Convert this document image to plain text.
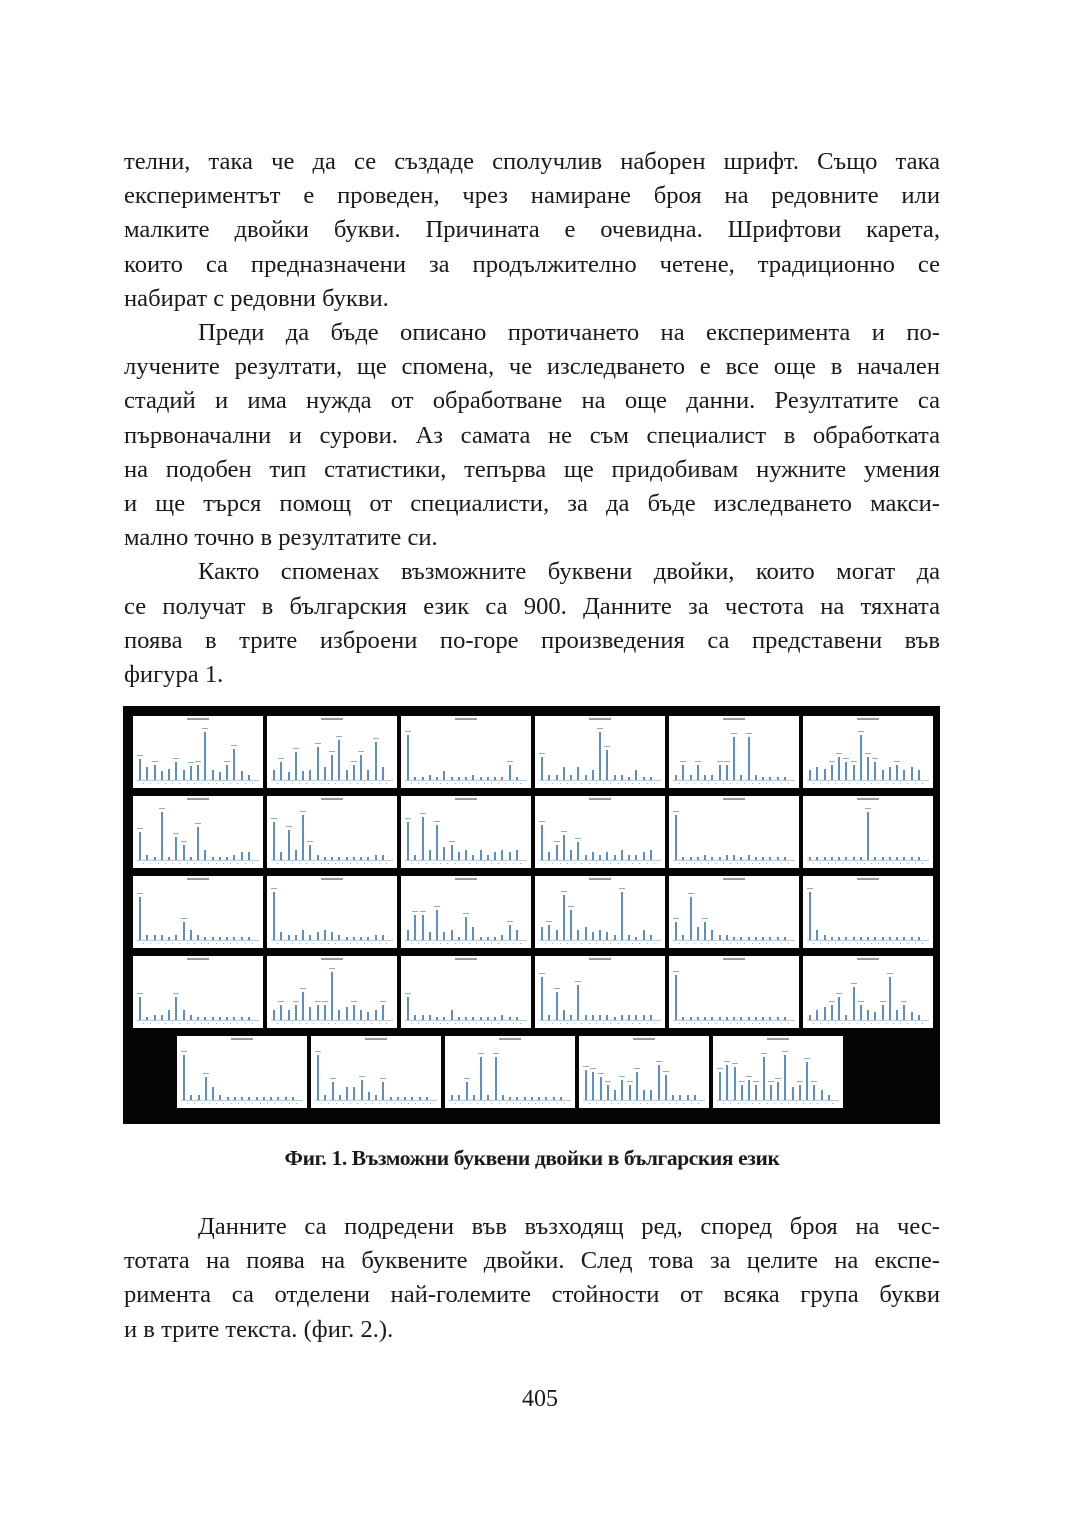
телни, така че да се създаде сполучлив наборен шрифт. Също така
експериментът е проведен, чрез намиране броя на редовните или
малките двойки букви. Причината е очевидна. Шрифтови карета,
които са предназначени за продължително четене, традиционно се
набират с редовни букви.
Преди да бъде описано протичането на експеримента и по-
лучените резултати, ще спомена, че изследването е все още в начален
стадий и има нужда от обработване на още данни. Резултатите са
първоначални и сурови. Аз самата не съм специалист в обработката
на подобен тип статистики, тепърва ще придобивам нужните умения
и ще търся помощ от специалисти, за да бъде изследването макси-
мално точно в резултатите си.
Както споменах възможните буквени двойки, които могат да
се получат в българския език са 900. Данните за честота на тяхната
поява в трите изброени по-горе произведения са представени във
фигура 1.
Фиг. 1. Възможни буквени двойки в българския език
Данните са подредени във възходящ ред, според броя на чес-
тотата на поява на буквените двойки. След това за целите на експе-
римента са отделени най-големите стойности от всяка група букви
и в трите текста. (фиг. 2.).
405
